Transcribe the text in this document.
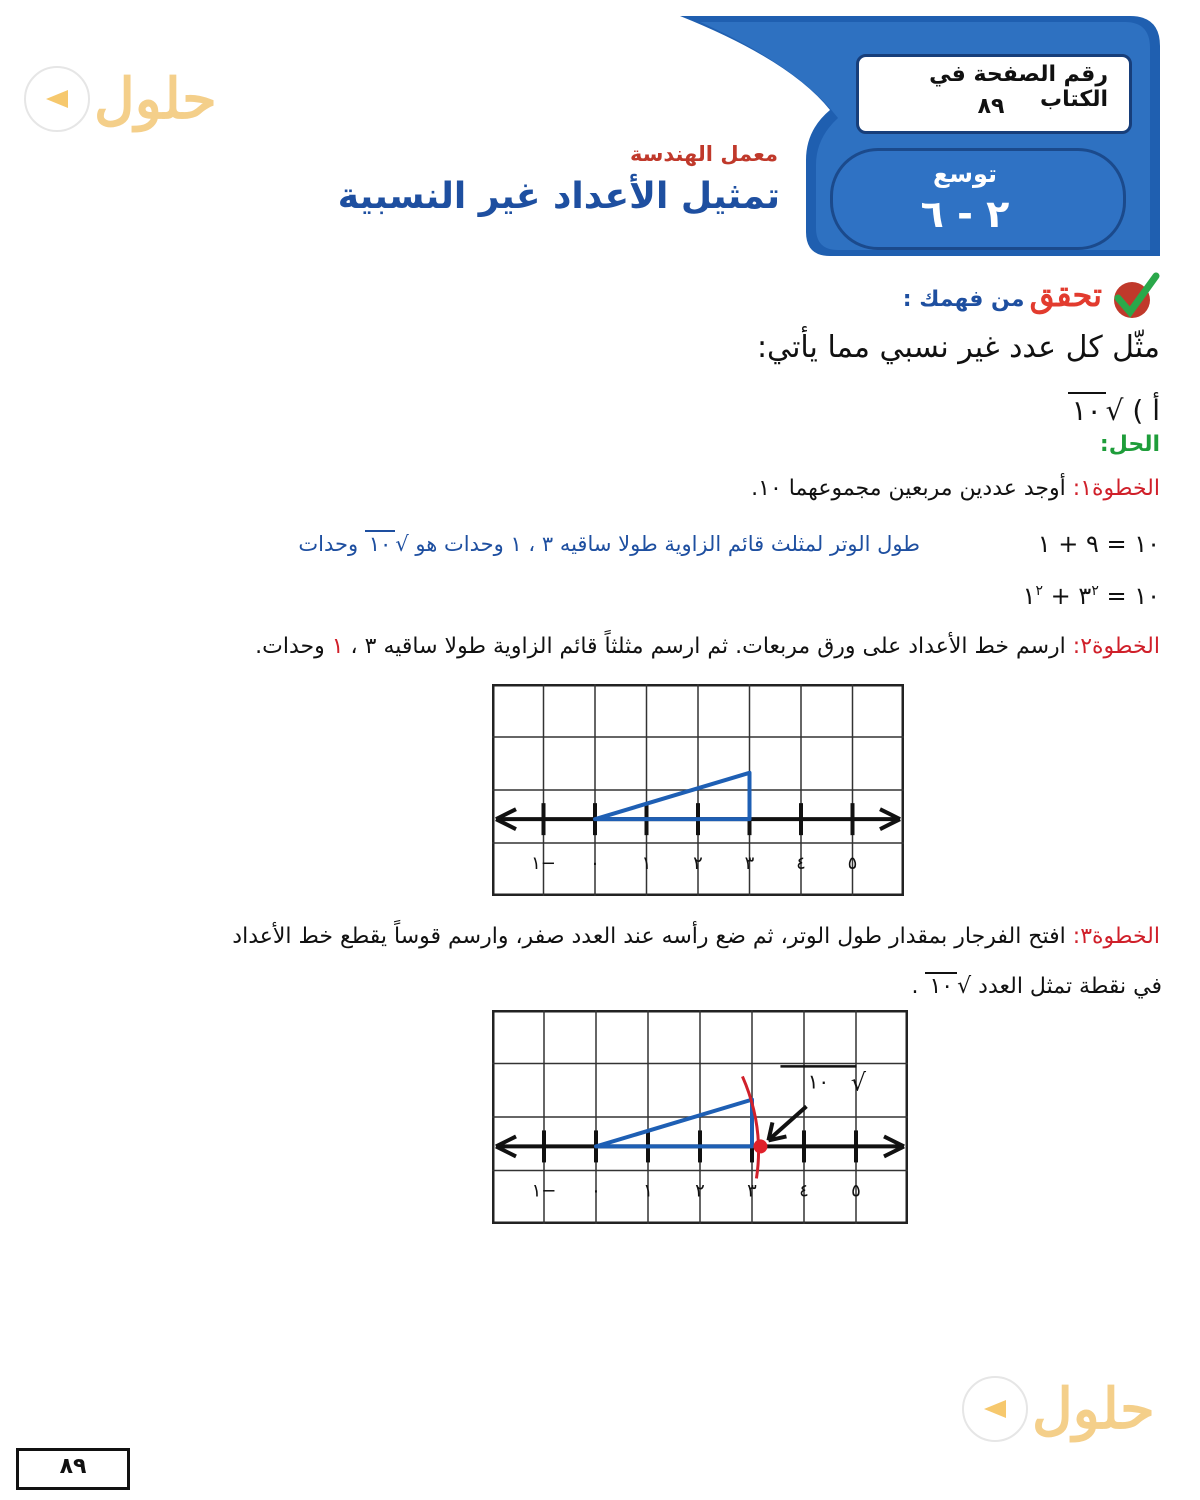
رقم الصفحة في الكتاب
٨٩
توسع
٢ - ٦
معمل الهندسة
تمثيل الأعداد غير النسبية
حلول
حلول
تحقق من فهمك :
مثّل كل عدد غير نسبي مما يأتي:
أ )
١٠ √
الحل:
الخطوة١: أوجد عددين مربعين مجموعهما ١٠.
١٠ = ٩ + ١
طول الوتر لمثلث قائم الزاوية طولا ساقيه ٣ ، ١ وحدات هو
١٠ √
وحدات
١٠ = $٣^٢$ + $١^٢$
الخطوة٢: ارسم خط الأعداد على ورق مربعات. ثم ارسم مثلثاً قائم الزاوية طولا ساقيه ٣ ، ١ وحدات.
١− ٠ ١ ٢ ٣ ٤ ٥
الخطوة٣: افتح الفرجار بمقدار طول الوتر، ثم ضع رأسه عند العدد صفر، وارسم قوساً يقطع خط الأعداد
في نقطة تمثل العدد
١٠ √
.
١− ٠ ١ ٢ ٣ ٤ ٥
√
١٠
٨٩
